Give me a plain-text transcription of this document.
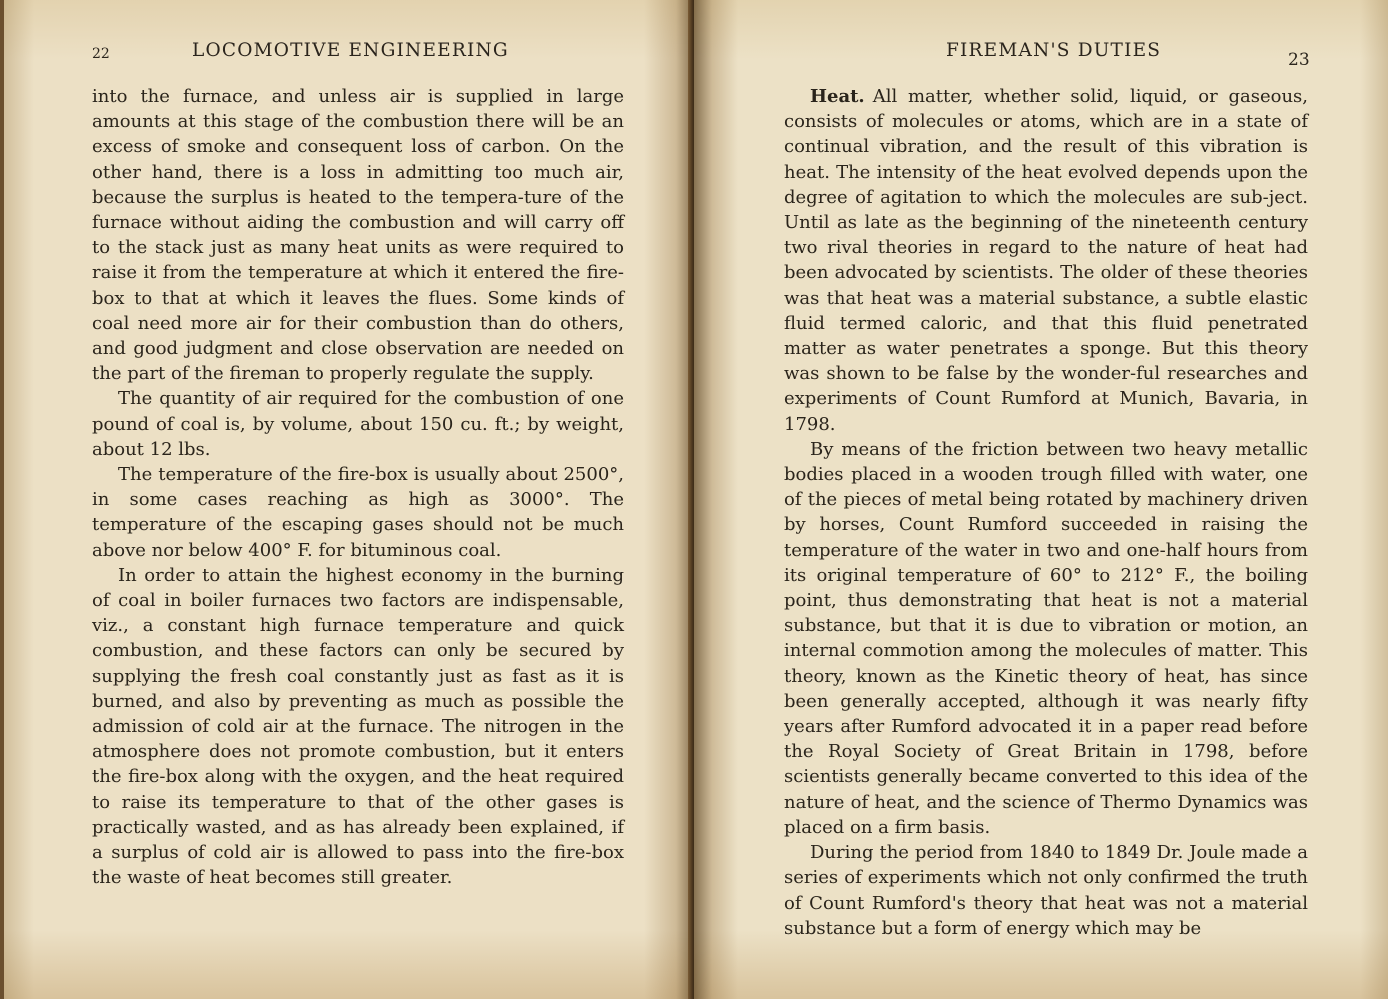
22	LOCOMOTIVE ENGINEERING

into the furnace, and unless air is supplied in large amounts at this stage of the combustion there will be an excess of smoke and consequent loss of carbon. On the other hand, there is a loss in admitting too much air, because the surplus is heated to the tempera-ture of the furnace without aiding the combustion and will carry off to the stack just as many heat units as were required to raise it from the temperature at which it entered the fire-box to that at which it leaves the flues. Some kinds of coal need more air for their combustion than do others, and good judgment and close observation are needed on the part of the fireman to properly regulate the supply.

The quantity of air required for the combustion of one pound of coal is, by volume, about 150 cu. ft.; by weight, about 12 lbs.

The temperature of the fire-box is usually about 2500°, in some cases reaching as high as 3000°. The temperature of the escaping gases should not be much above nor below 400° F. for bituminous coal.

In order to attain the highest economy in the burning of coal in boiler furnaces two factors are indispensable, viz., a constant high furnace temperature and quick combustion, and these factors can only be secured by supplying the fresh coal constantly just as fast as it is burned, and also by preventing as much as possible the admission of cold air at the furnace. The nitrogen in the atmosphere does not promote combustion, but it enters the fire-box along with the oxygen, and the heat required to raise its temperature to that of the other gases is practically wasted, and as has already been explained, if a surplus of cold air is allowed to pass into the fire-box the waste of heat becomes still greater.

FIREMAN'S DUTIES	23

Heat. All matter, whether solid, liquid, or gaseous, consists of molecules or atoms, which are in a state of continual vibration, and the result of this vibration is heat. The intensity of the heat evolved depends upon the degree of agitation to which the molecules are sub-ject. Until as late as the beginning of the nineteenth century two rival theories in regard to the nature of heat had been advocated by scientists. The older of these theories was that heat was a material substance, a subtle elastic fluid termed caloric, and that this fluid penetrated matter as water penetrates a sponge. But this theory was shown to be false by the wonder-ful researches and experiments of Count Rumford at Munich, Bavaria, in 1798.

By means of the friction between two heavy metallic bodies placed in a wooden trough filled with water, one of the pieces of metal being rotated by machinery driven by horses, Count Rumford succeeded in raising the temperature of the water in two and one-half hours from its original temperature of 60° to 212° F., the boiling point, thus demonstrating that heat is not a material substance, but that it is due to vibration or motion, an internal commotion among the molecules of matter. This theory, known as the Kinetic theory of heat, has since been generally accepted, although it was nearly fifty years after Rumford advocated it in a paper read before the Royal Society of Great Britain in 1798, before scientists generally became converted to this idea of the nature of heat, and the science of Thermo Dynamics was placed on a firm basis.

During the period from 1840 to 1849 Dr. Joule made a series of experiments which not only confirmed the truth of Count Rumford's theory that heat was not a material substance but a form of energy which may be
